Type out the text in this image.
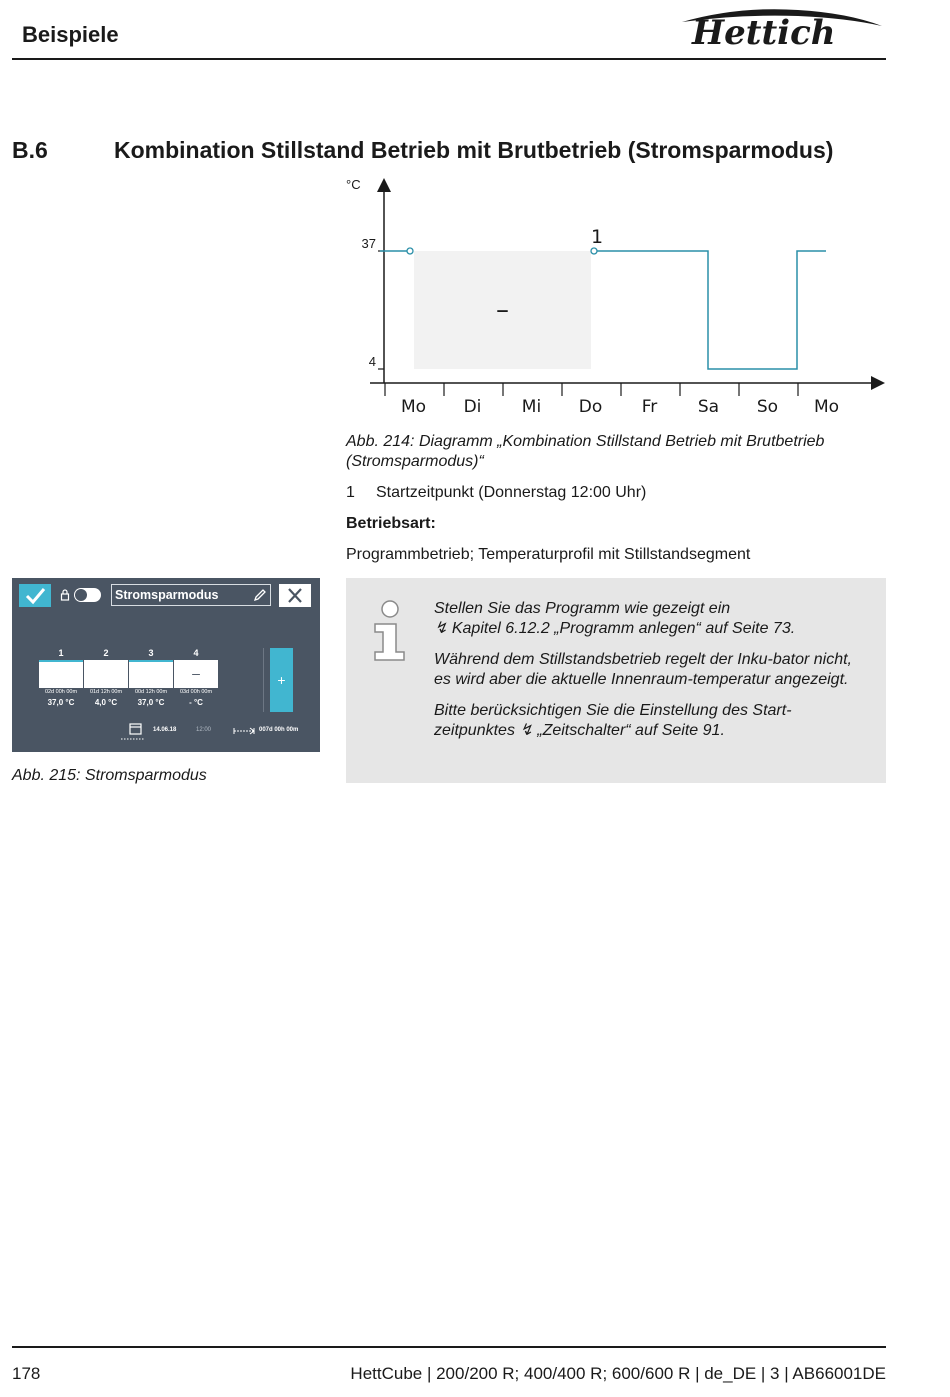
Beispiele	Hettich
B.6	Kombination Stillstand Betrieb mit Brutbetrieb (Stromsparmodus)
°C
37
4
Mo Di Mi Do Fr Sa So Mo
–
1
Abb. 214: Diagramm „Kombination Stillstand Betrieb mit Brutbetrieb (Stromsparmodus)“
1 Startzeitpunkt (Donnerstag 12:00 Uhr)
Betriebsart:
Programmbetrieb; Temperaturprofil mit Stillstandsegment

Stellen Sie das Programm wie gezeigt ein
↯ Kapitel 6.12.2 „Programm anlegen“ auf Seite 73.

Während dem Stillstandsbetrieb regelt der Inku-bator nicht, es wird aber die aktuelle Innenraum-temperatur angezeigt.

Bitte berücksichtigen Sie die Einstellung des Start-zeitpunktes ↯ „Zeitschalter“ auf Seite 91.

Stromsparmodus
1
02d 00h 00m
37,0 °C
2
01d 12h 00m
4,0 °C
3
00d 12h 00m
37,0 °C
4
–
03d 00h 00m
- °C
+
14.06.18	12:00	007d 00h 00m
Abb. 215: Stromsparmodus
178	HettCube | 200/200 R; 400/400 R; 600/600 R | de_DE | 3 | AB66001DE
